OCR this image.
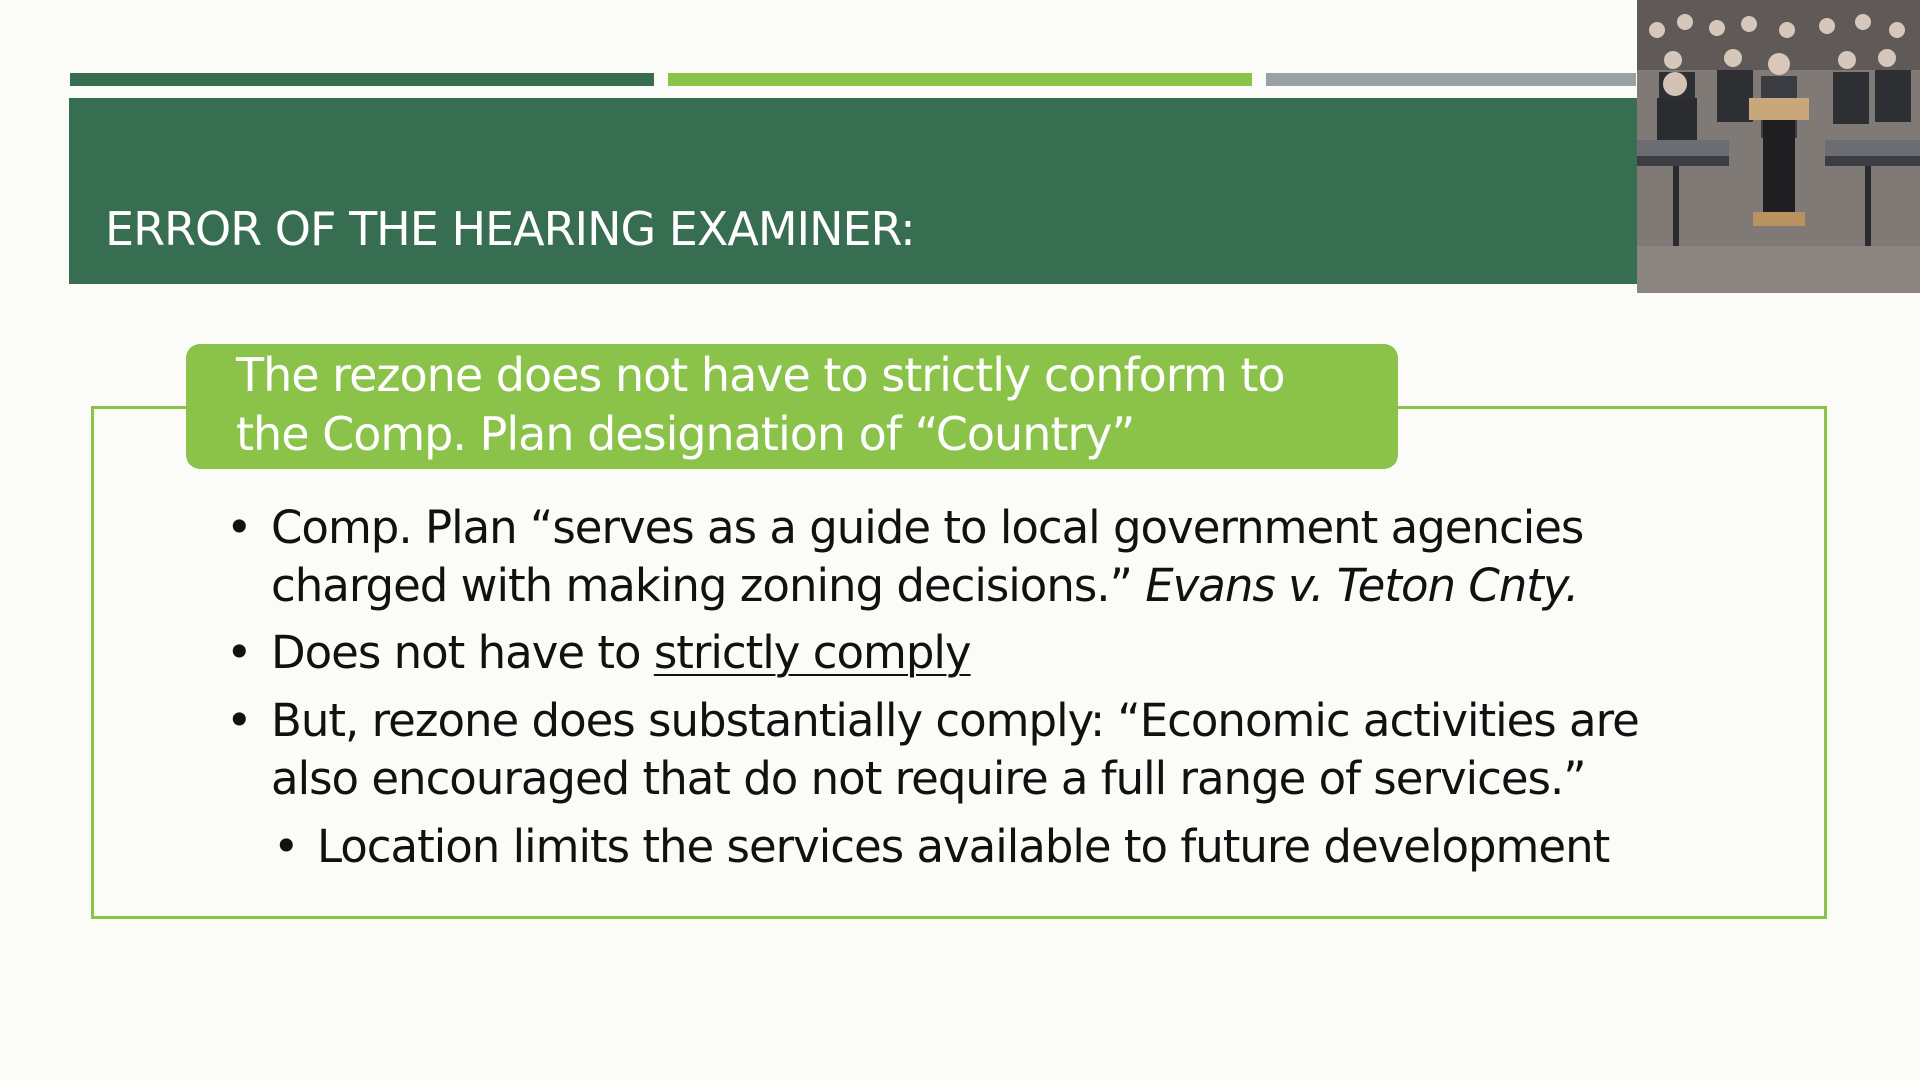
ERROR OF THE HEARING EXAMINER:
The rezone does not have to strictly conform to
the Comp. Plan designation of “Country”
• Comp. Plan “serves as a guide to local government agencies
charged with making zoning decisions.” Evans v. Teton Cnty.
• Does not have to strictly comply
• But, rezone does substantially comply: “Economic activities are
also encouraged that do not require a full range of services.”
• Location limits the services available to future development
